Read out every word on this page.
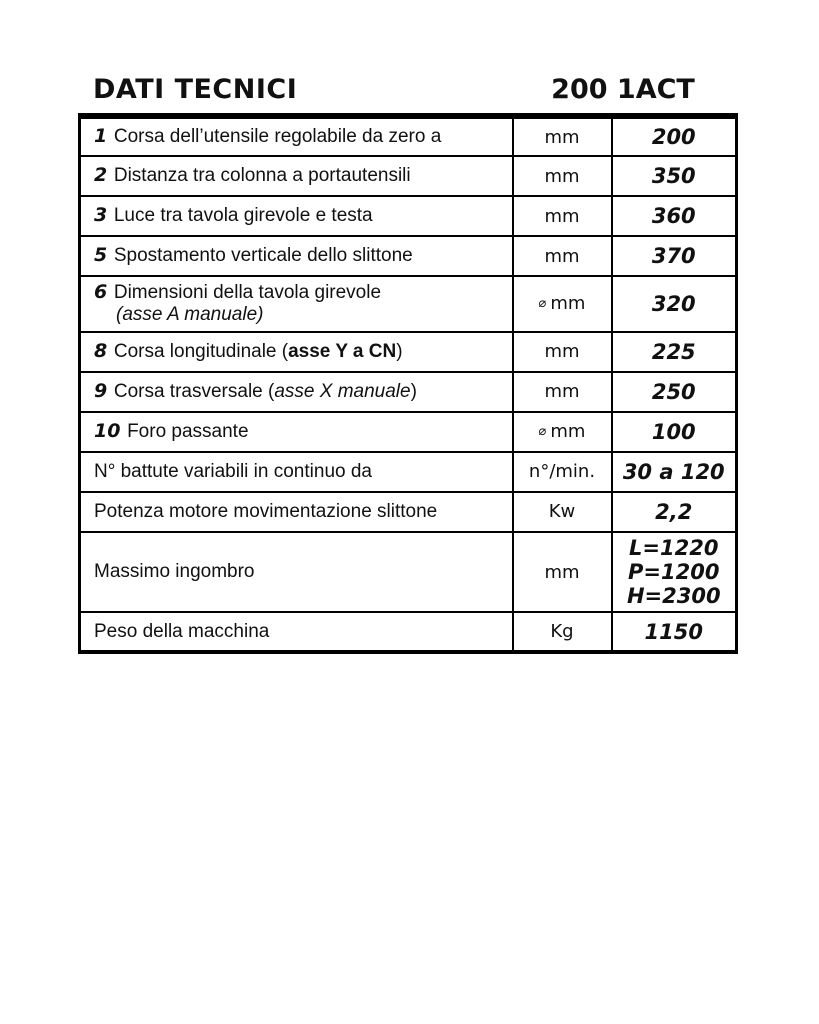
DATI TECNICI	200 1ACT
1 Corsa dell’utensile regolabile da zero a	mm	200

2 Distanza tra colonna a portautensili	mm	350

3 Luce tra tavola girevole e testa	mm	360

5 Spostamento verticale dello slittone	mm	370

6 Dimensioni della tavola girevole
(asse A manuale)	⌀ mm	320

8 Corsa longitudinale (asse Y a CN)	mm	225

9 Corsa trasversale (asse X manuale)	mm	250

10 Foro passante	⌀ mm	100

N° battute variabili in continuo da	n°/min.	30 a 120

Potenza motore movimentazione slittone	Kw	2,2

Massimo ingombro	mm	L=1220
P=1200
H=2300

Peso della macchina	Kg	1150
